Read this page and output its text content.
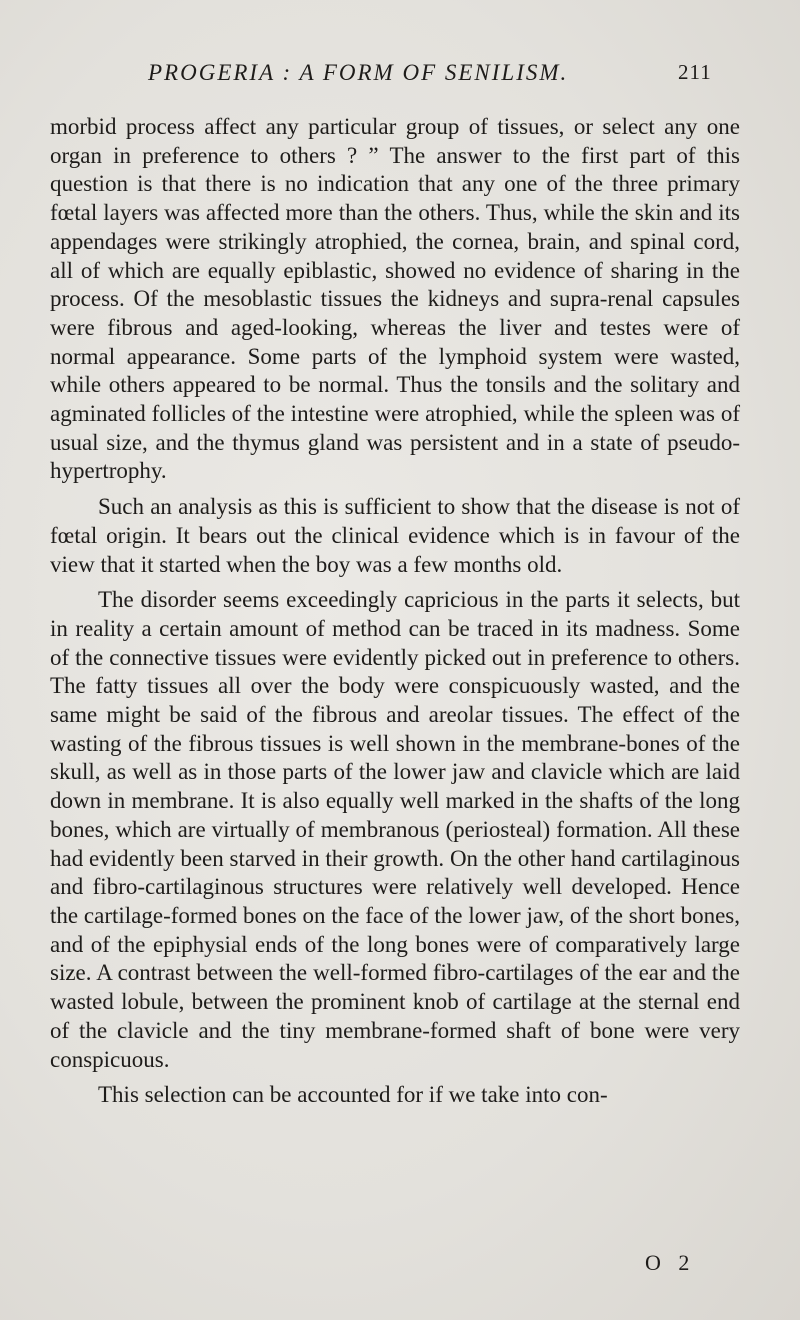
PROGERIA : A FORM OF SENILISM.	211

morbid process affect any particular group of tissues, or select any one organ in preference to others ? ” The answer to the first part of this question is that there is no indication that any one of the three primary fœtal layers was affected more than the others. Thus, while the skin and its appendages were strikingly atrophied, the cornea, brain, and spinal cord, all of which are equally epiblastic, showed no evidence of sharing in the process. Of the mesoblastic tissues the kidneys and supra-renal capsules were fibrous and aged-looking, whereas the liver and testes were of normal appearance. Some parts of the lymphoid system were wasted, while others appeared to be normal. Thus the tonsils and the solitary and agminated follicles of the intestine were atrophied, while the spleen was of usual size, and the thymus gland was persistent and in a state of pseudo-hypertrophy.

Such an analysis as this is sufficient to show that the disease is not of fœtal origin. It bears out the clinical evidence which is in favour of the view that it started when the boy was a few months old.

The disorder seems exceedingly capricious in the parts it selects, but in reality a certain amount of method can be traced in its madness. Some of the connective tissues were evidently picked out in preference to others. The fatty tissues all over the body were conspicuously wasted, and the same might be said of the fibrous and areolar tissues. The effect of the wasting of the fibrous tissues is well shown in the membrane-bones of the skull, as well as in those parts of the lower jaw and clavicle which are laid down in membrane. It is also equally well marked in the shafts of the long bones, which are virtually of membranous (periosteal) formation. All these had evidently been starved in their growth. On the other hand cartilaginous and fibro-cartilaginous structures were relatively well developed. Hence the cartilage-formed bones on the face of the lower jaw, of the short bones, and of the epiphysial ends of the long bones were of comparatively large size. A contrast between the well-formed fibro-cartilages of the ear and the wasted lobule, between the prominent knob of cartilage at the sternal end of the clavicle and the tiny membrane-formed shaft of bone were very conspicuous.

This selection can be accounted for if we take into con-

O 2
